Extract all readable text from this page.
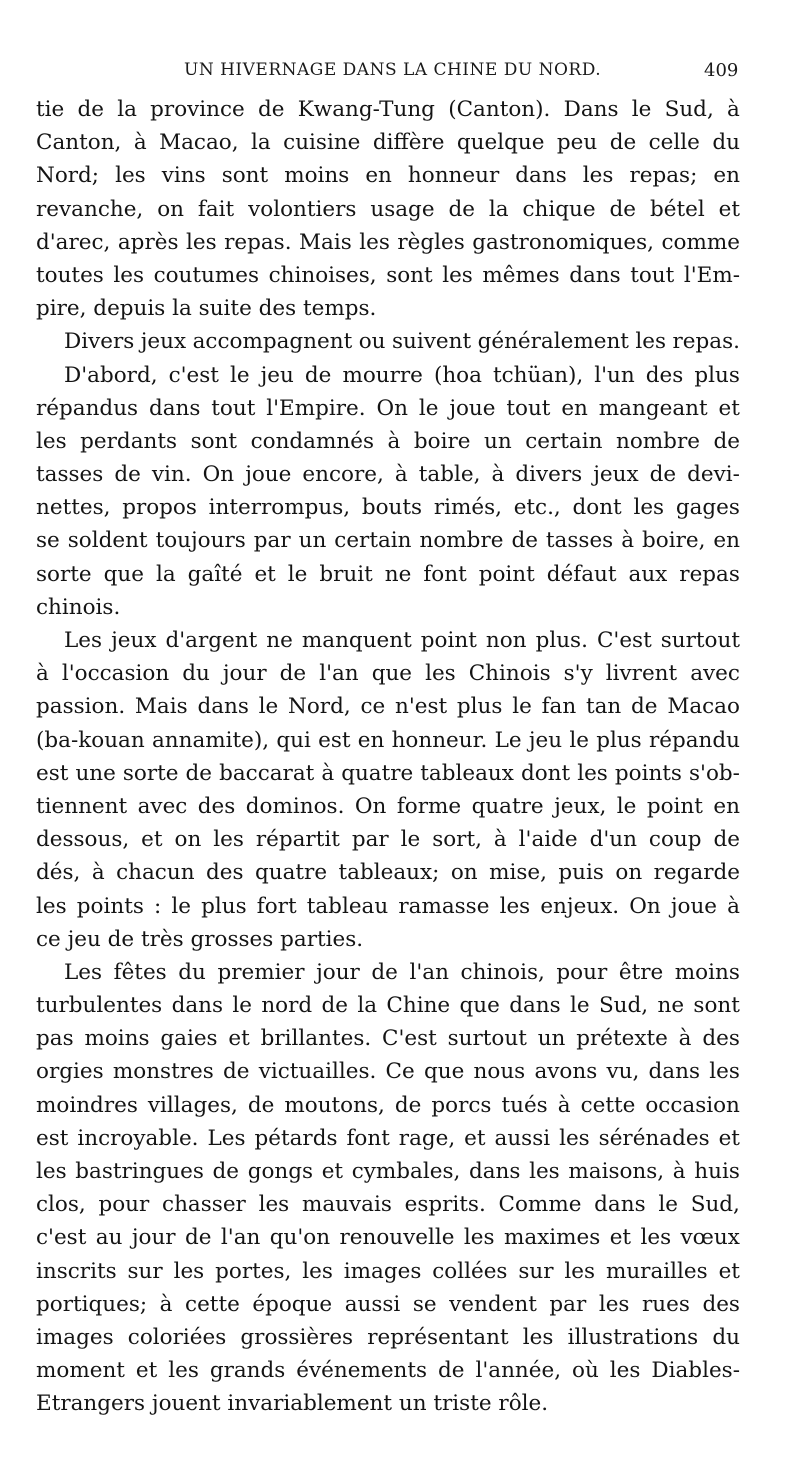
UN HIVERNAGE DANS LA CHINE DU NORD.	409
tie de la province de Kwang-Tung (Canton). Dans le Sud, à
Canton, à Macao, la cuisine diffère quelque peu de celle du
Nord; les vins sont moins en honneur dans les repas; en
revanche, on fait volontiers usage de la chique de bétel et
d'arec, après les repas. Mais les règles gastronomiques, comme
toutes les coutumes chinoises, sont les mêmes dans tout l'Em-
pire, depuis la suite des temps.
Divers jeux accompagnent ou suivent généralement les repas.
D'abord, c'est le jeu de mourre (hoa tchüan), l'un des plus
répandus dans tout l'Empire. On le joue tout en mangeant et
les perdants sont condamnés à boire un certain nombre de
tasses de vin. On joue encore, à table, à divers jeux de devi-
nettes, propos interrompus, bouts rimés, etc., dont les gages
se soldent toujours par un certain nombre de tasses à boire, en
sorte que la gaîté et le bruit ne font point défaut aux repas
chinois.
Les jeux d'argent ne manquent point non plus. C'est surtout
à l'occasion du jour de l'an que les Chinois s'y livrent avec
passion. Mais dans le Nord, ce n'est plus le fan tan de Macao
(ba-kouan annamite), qui est en honneur. Le jeu le plus répandu
est une sorte de baccarat à quatre tableaux dont les points s'ob-
tiennent avec des dominos. On forme quatre jeux, le point en
dessous, et on les répartit par le sort, à l'aide d'un coup de
dés, à chacun des quatre tableaux; on mise, puis on regarde
les points : le plus fort tableau ramasse les enjeux. On joue à
ce jeu de très grosses parties.
Les fêtes du premier jour de l'an chinois, pour être moins
turbulentes dans le nord de la Chine que dans le Sud, ne sont
pas moins gaies et brillantes. C'est surtout un prétexte à des
orgies monstres de victuailles. Ce que nous avons vu, dans les
moindres villages, de moutons, de porcs tués à cette occasion
est incroyable. Les pétards font rage, et aussi les sérénades et
les bastringues de gongs et cymbales, dans les maisons, à huis
clos, pour chasser les mauvais esprits. Comme dans le Sud,
c'est au jour de l'an qu'on renouvelle les maximes et les vœux
inscrits sur les portes, les images collées sur les murailles et
portiques; à cette époque aussi se vendent par les rues des
images coloriées grossières représentant les illustrations du
moment et les grands événements de l'année, où les Diables-
Etrangers jouent invariablement un triste rôle.
